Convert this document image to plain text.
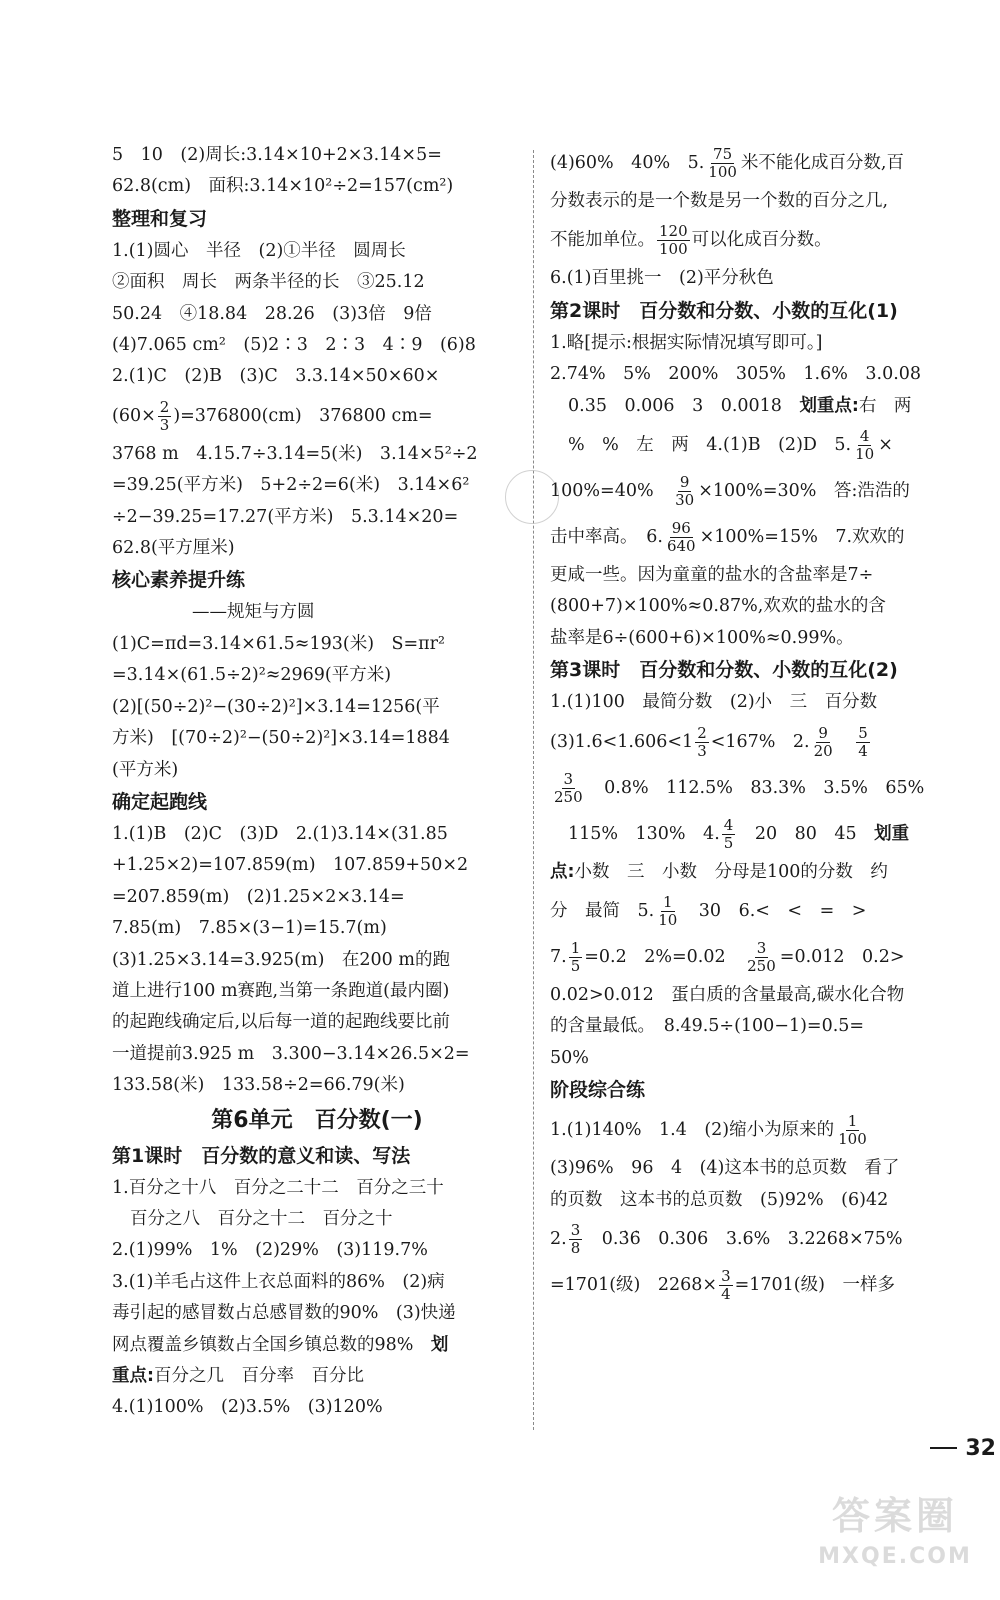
5　10　(2)周长:3.14×10+2×3.14×5=
62.8(cm)　面积:3.14×10²÷2=157(cm²)
整理和复习
1.(1)圆心　半径　(2)①半径　圆周长
②面积　周长　两条半径的长　③25.12
50.24　④18.84　28.26　(3)3倍　9倍
(4)7.065 cm²　(5)2∶3　2∶3　4∶9　(6)8
2.(1)C　(2)B　(3)C　3.3.14×50×60×
$(60\times \frac{2}{3} )=376800(cm)$　376800 cm=
3768 m　4.15.7÷3.14=5(米)　3.14×5²÷2
=39.25(平方米)　5+2÷2=6(米)　3.14×6²
÷2−39.25=17.27(平方米)　5.3.14×20=
62.8(平方厘米)
核心素养提升练
——规矩与方圆
(1)C=πd=3.14×61.5≈193(米)　S=πr²
=3.14×(61.5÷2)²≈2969(平方米)
(2)[(50÷2)²−(30÷2)²]×3.14=1256(平
方米)　[(70÷2)²−(50÷2)²]×3.14=1884
(平方米)
确定起跑线
1.(1)B　(2)C　(3)D　2.(1)3.14×(31.85
+1.25×2)=107.859(m)　107.859+50×2
=207.859(m)　(2)1.25×2×3.14=
7.85(m)　7.85×(3−1)=15.7(m)
(3)1.25×3.14=3.925(m)　在200 m的跑
道上进行100 m赛跑,当第一条跑道(最内圈)
的起跑线确定后,以后每一道的起跑线要比前
一道提前3.925 m　3.300−3.14×26.5×2=
133.58(米)　133.58÷2=66.79(米)
第6单元　百分数(一)
第1课时　百分数的意义和读、写法
1.百分之十八　百分之二十二　百分之三十
百分之八　百分之十二　百分之十
2.(1)99%　1%　(2)29%　(3)119.7%
3.(1)羊毛占这件上衣总面料的86%　(2)病
毒引起的感冒数占总感冒数的90%　(3)快递
网点覆盖乡镇数占全国乡镇总数的98%　划
重点:百分之几　百分率　百分比
4.(1)100%　(2)3.5%　(3)120%
(4)60%　40%　5. $\frac{75}{100}$ 米不能化成百分数,百
分数表示的是一个数是另一个数的百分之几,
不能加单位。 $\frac{120}{100}$ 可以化成百分数。
6.(1)百里挑一　(2)平分秋色
第2课时　百分数和分数、小数的互化(1)
1.略[提示:根据实际情况填写即可。]
2.74%　5%　200%　305%　1.6%　3.0.08
0.35　0.006　3　0.0018　划重点:右　两
%　%　左　两　4.(1)B　(2)D　5. $\frac{4}{10}$ ×
100%=40%　 $\frac{9}{30} \times 100\%=30\%$　答:浩浩的
击中率高。　6. $\frac{96}{640} \times 100\%=15\%$　7.欢欢的
更咸一些。因为童童的盐水的含盐率是7÷
(800+7)×100%≈0.87%,欢欢的盐水的含
盐率是6÷(600+6)×100%≈0.99%。
第3课时　百分数和分数、小数的互化(2)
1.(1)100　最简分数　(2)小　三　百分数
$(3)1.6<1.606<1 \frac{2}{3} <167\%$　2. $\frac{9}{20}$
　 $\frac{5}{4}$
$\frac{3}{250}$
　 0.8%　112.5%　83.3%　3.5%　65%
115%　130%　4. $\frac{4}{5}$
　 20　80　45　划重
点:小数　三　小数　分母是100的分数　约
分　最简　5. $\frac{1}{10}$
　 30　6.<　<　=　>
7. $\frac{1}{5} =0.2$　2%=0.02　 $\frac{3}{250} =0.012$　0.2>
0.02>0.012　蛋白质的含量最高,碳水化合物
的含量最低。　8.49.5÷(100−1)=0.5=
50%
阶段综合练
1.(1)140%　1.4　(2)缩小为原来的 $\frac{1}{100}$
(3)96%　96　4　(4)这本书的总页数　看了
的页数　这本书的总页数　(5)92%　(6)42
2. $\frac{3}{8}$
　 0.3̇6̇　0.306　3.6%　3.2268×75%
=1701(级)　$2268\times \frac{3}{4} =1701$(级)　一样多
32
答案圈
MXQE.COM
